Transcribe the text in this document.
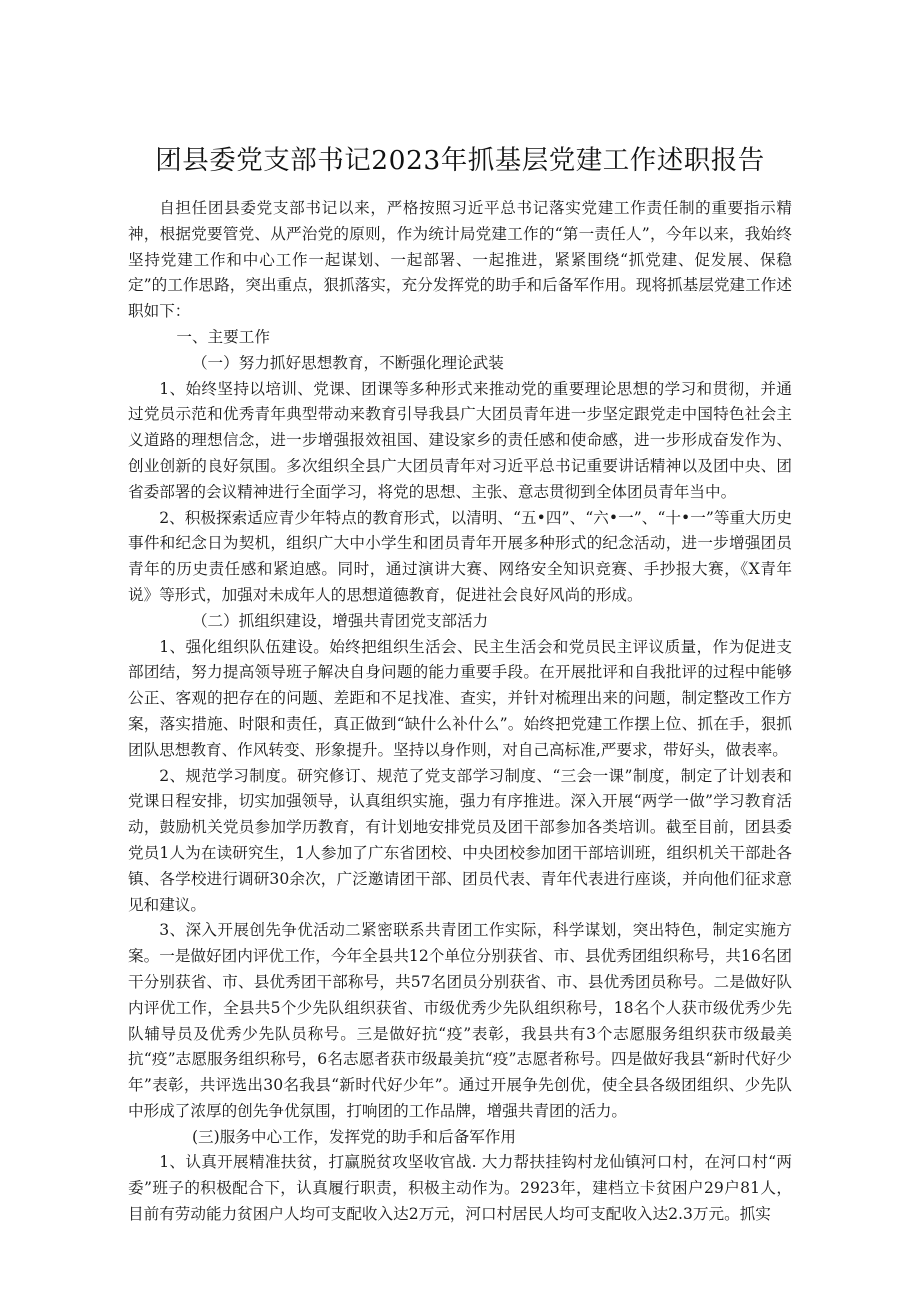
团县委党支部书记2023年抓基层党建工作述职报告

自担任团县委党支部书记以来，严格按照习近平总书记落实党建工作责任制的重要指示精神，根据党要管党、从严治党的原则，作为统计局党建工作的“第一责任人”，今年以来，我始终坚持党建工作和中心工作一起谋划、一起部署、一起推进，紧紧围绕“抓党建、促发展、保稳定”的工作思路，突出重点，狠抓落实，充分发挥党的助手和后备军作用。现将抓基层党建工作述职如下：

一、主要工作

（一）努力抓好思想教育，不断强化理论武装

1、始终坚持以培训、党课、团课等多种形式来推动党的重要理论思想的学习和贯彻，并通过党员示范和优秀青年典型带动来教育引导我县广大团员青年进一步坚定跟党走中国特色社会主义道路的理想信念，进一步增强报效祖国、建设家乡的责任感和使命感，进一步形成奋发作为、创业创新的良好氛围。多次组织全县广大团员青年对习近平总书记重要讲话精神以及团中央、团省委部署的会议精神进行全面学习，将党的思想、主张、意志贯彻到全体团员青年当中。

2、积极探索适应青少年特点的教育形式，以清明、“五•四”、“六•一”、“十•一”等重大历史事件和纪念日为契机，组织广大中小学生和团员青年开展多种形式的纪念活动，进一步增强团员青年的历史责任感和紧迫感。同时，通过演讲大赛、网络安全知识竞赛、手抄报大赛，《X青年说》等形式，加强对未成年人的思想道德教育，促进社会良好风尚的形成。

（二）抓组织建设，增强共青团党支部活力

1、强化组织队伍建设。始终把组织生活会、民主生活会和党员民主评议质量，作为促进支部团结，努力提高领导班子解决自身问题的能力重要手段。在开展批评和自我批评的过程中能够公正、客观的把存在的问题、差距和不足找准、查实，并针对梳理出来的问题，制定整改工作方案，落实措施、时限和责任，真正做到“缺什么补什么”。始终把党建工作摆上位、抓在手，狠抓团队思想教育、作风转变、形象提升。坚持以身作则，对自己高标准,严要求，带好头，做表率。

2、规范学习制度。研究修订、规范了党支部学习制度、“三会一课”制度，制定了计划表和党课日程安排，切实加强领导，认真组织实施，强力有序推进。深入开展“两学一做”学习教育活动，鼓励机关党员参加学历教育，有计划地安排党员及团干部参加各类培训。截至目前，团县委党员1人为在读研究生，1人参加了广东省团校、中央团校参加团干部培训班，组织机关干部赴各镇、各学校进行调研30余次，广泛邀请团干部、团员代表、青年代表进行座谈，并向他们征求意见和建议。

3、深入开展创先争优活动二紧密联系共青团工作实际，科学谋划，突出特色，制定实施方案。一是做好团内评优工作，今年全县共12个单位分别获省、市、县优秀团组织称号，共16名团干分别获省、市、县优秀团干部称号，共57名团员分别获省、市、县优秀团员称号。二是做好队内评优工作，全县共5个少先队组织获省、市级优秀少先队组织称号，18名个人获市级优秀少先队辅导员及优秀少先队员称号。三是做好抗“疫”表彰，我县共有3个志愿服务组织获市级最美抗“疫”志愿服务组织称号，6名志愿者获市级最美抗“疫”志愿者称号。四是做好我县“新时代好少年”表彰，共评选出30名我县“新时代好少年”。通过开展争先创优，使全县各级团组织、少先队中形成了浓厚的创先争优氛围，打响团的工作品牌，增强共青团的活力。

(三)服务中心工作，发挥党的助手和后备军作用

1、认真开展精准扶贫，打赢脱贫攻坚收官战. 大力帮扶挂钩村龙仙镇河口村，在河口村“两委”班子的积极配合下，认真履行职责，积极主动作为。2923年，建档立卡贫困户29户81人，目前有劳动能力贫困户人均可支配收入达2万元，河口村居民人均可支配收入达2.3万元。抓实
